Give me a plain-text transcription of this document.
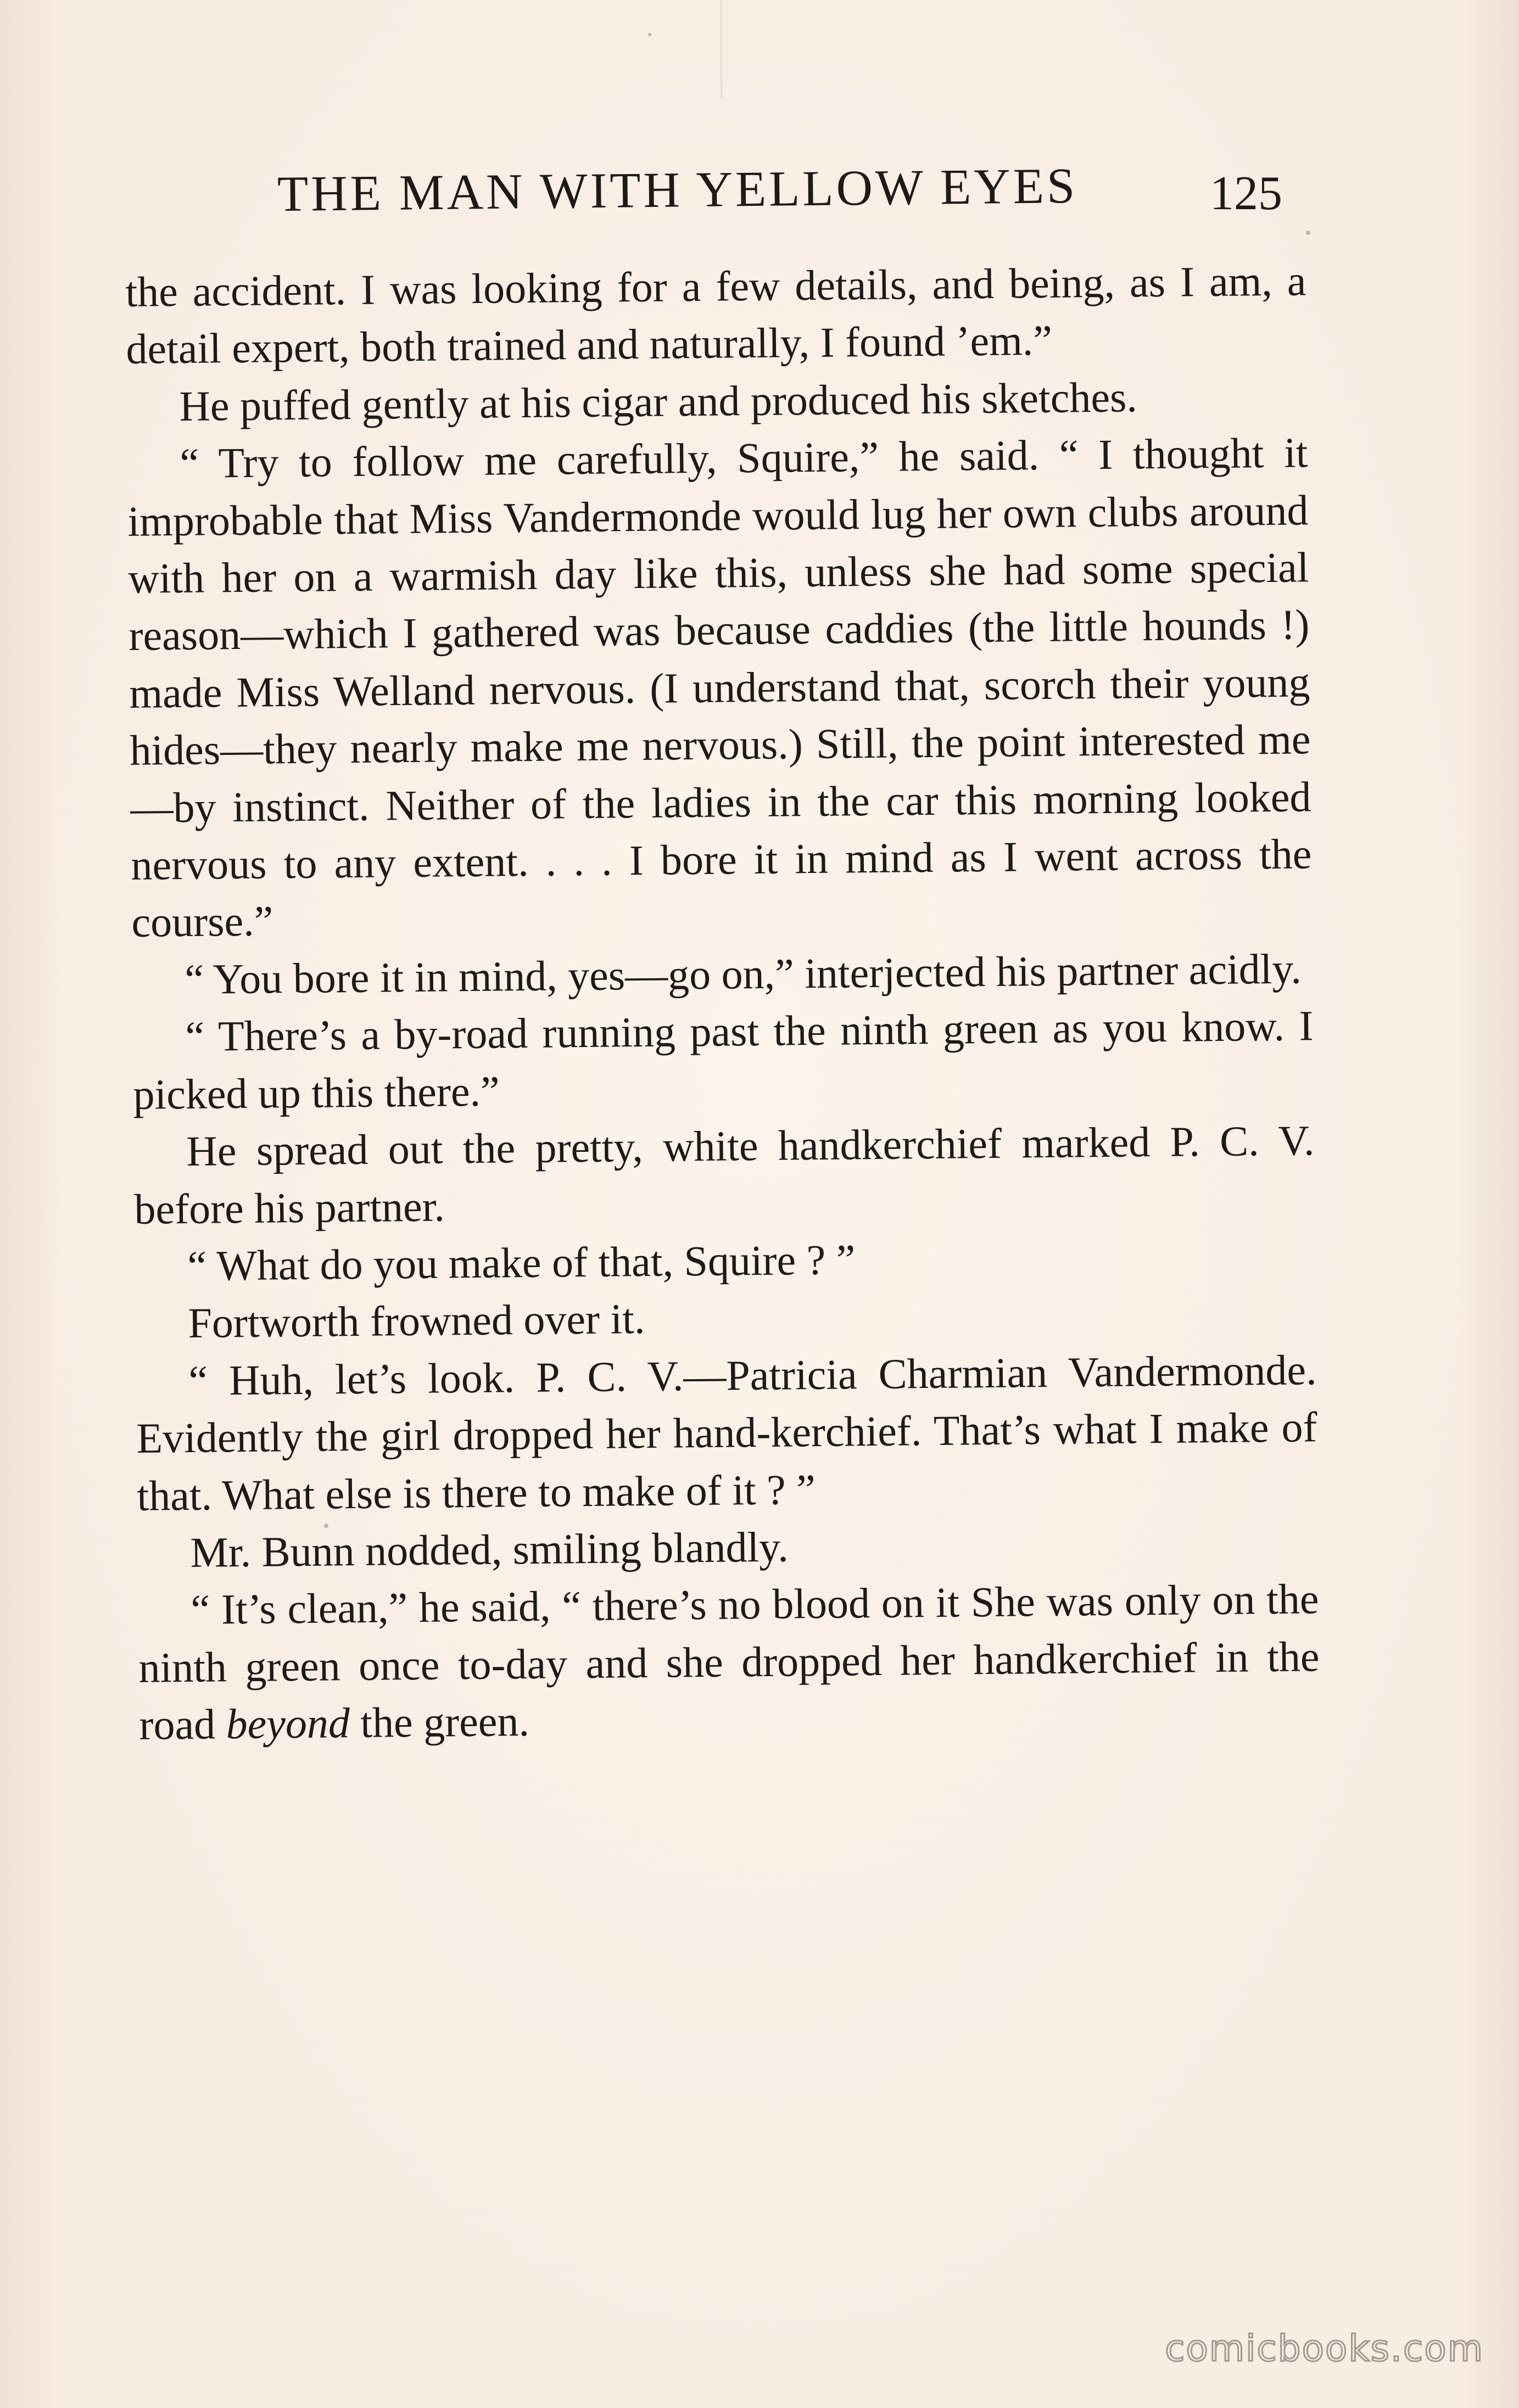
THE MAN WITH YELLOW EYES	125

the accident. I was looking for a few details, and being, as I am, a detail expert, both trained and naturally, I found ’em.”

He puffed gently at his cigar and produced his sketches.

“ Try to follow me carefully, Squire,” he said. “ I thought it improbable that Miss Vandermonde would lug her own clubs around with her on a warmish day like this, unless she had some special reason—which I gathered was because caddies (the little hounds !) made Miss Welland nervous. (I understand that, scorch their young hides—they nearly make me nervous.) Still, the point interested me—by instinct. Neither of the ladies in the car this morning looked nervous to any extent. . . . I bore it in mind as I went across the course.”

“ You bore it in mind, yes—go on,” interjected his partner acidly.

“ There’s a by-road running past the ninth green as you know. I picked up this there.”

He spread out the pretty, white handkerchief marked P. C. V. before his partner.

“ What do you make of that, Squire ? ”

Fortworth frowned over it.

“ Huh, let’s look. P. C. V.—Patricia Charmian Vandermonde. Evidently the girl dropped her hand-kerchief. That’s what I make of that. What else is there to make of it ? ”

Mr. Bunn nodded, smiling blandly.

“ It’s clean,” he said, “ there’s no blood on it She was only on the ninth green once to-day and she dropped her handkerchief in the road beyond the green.

comicbooks.com
